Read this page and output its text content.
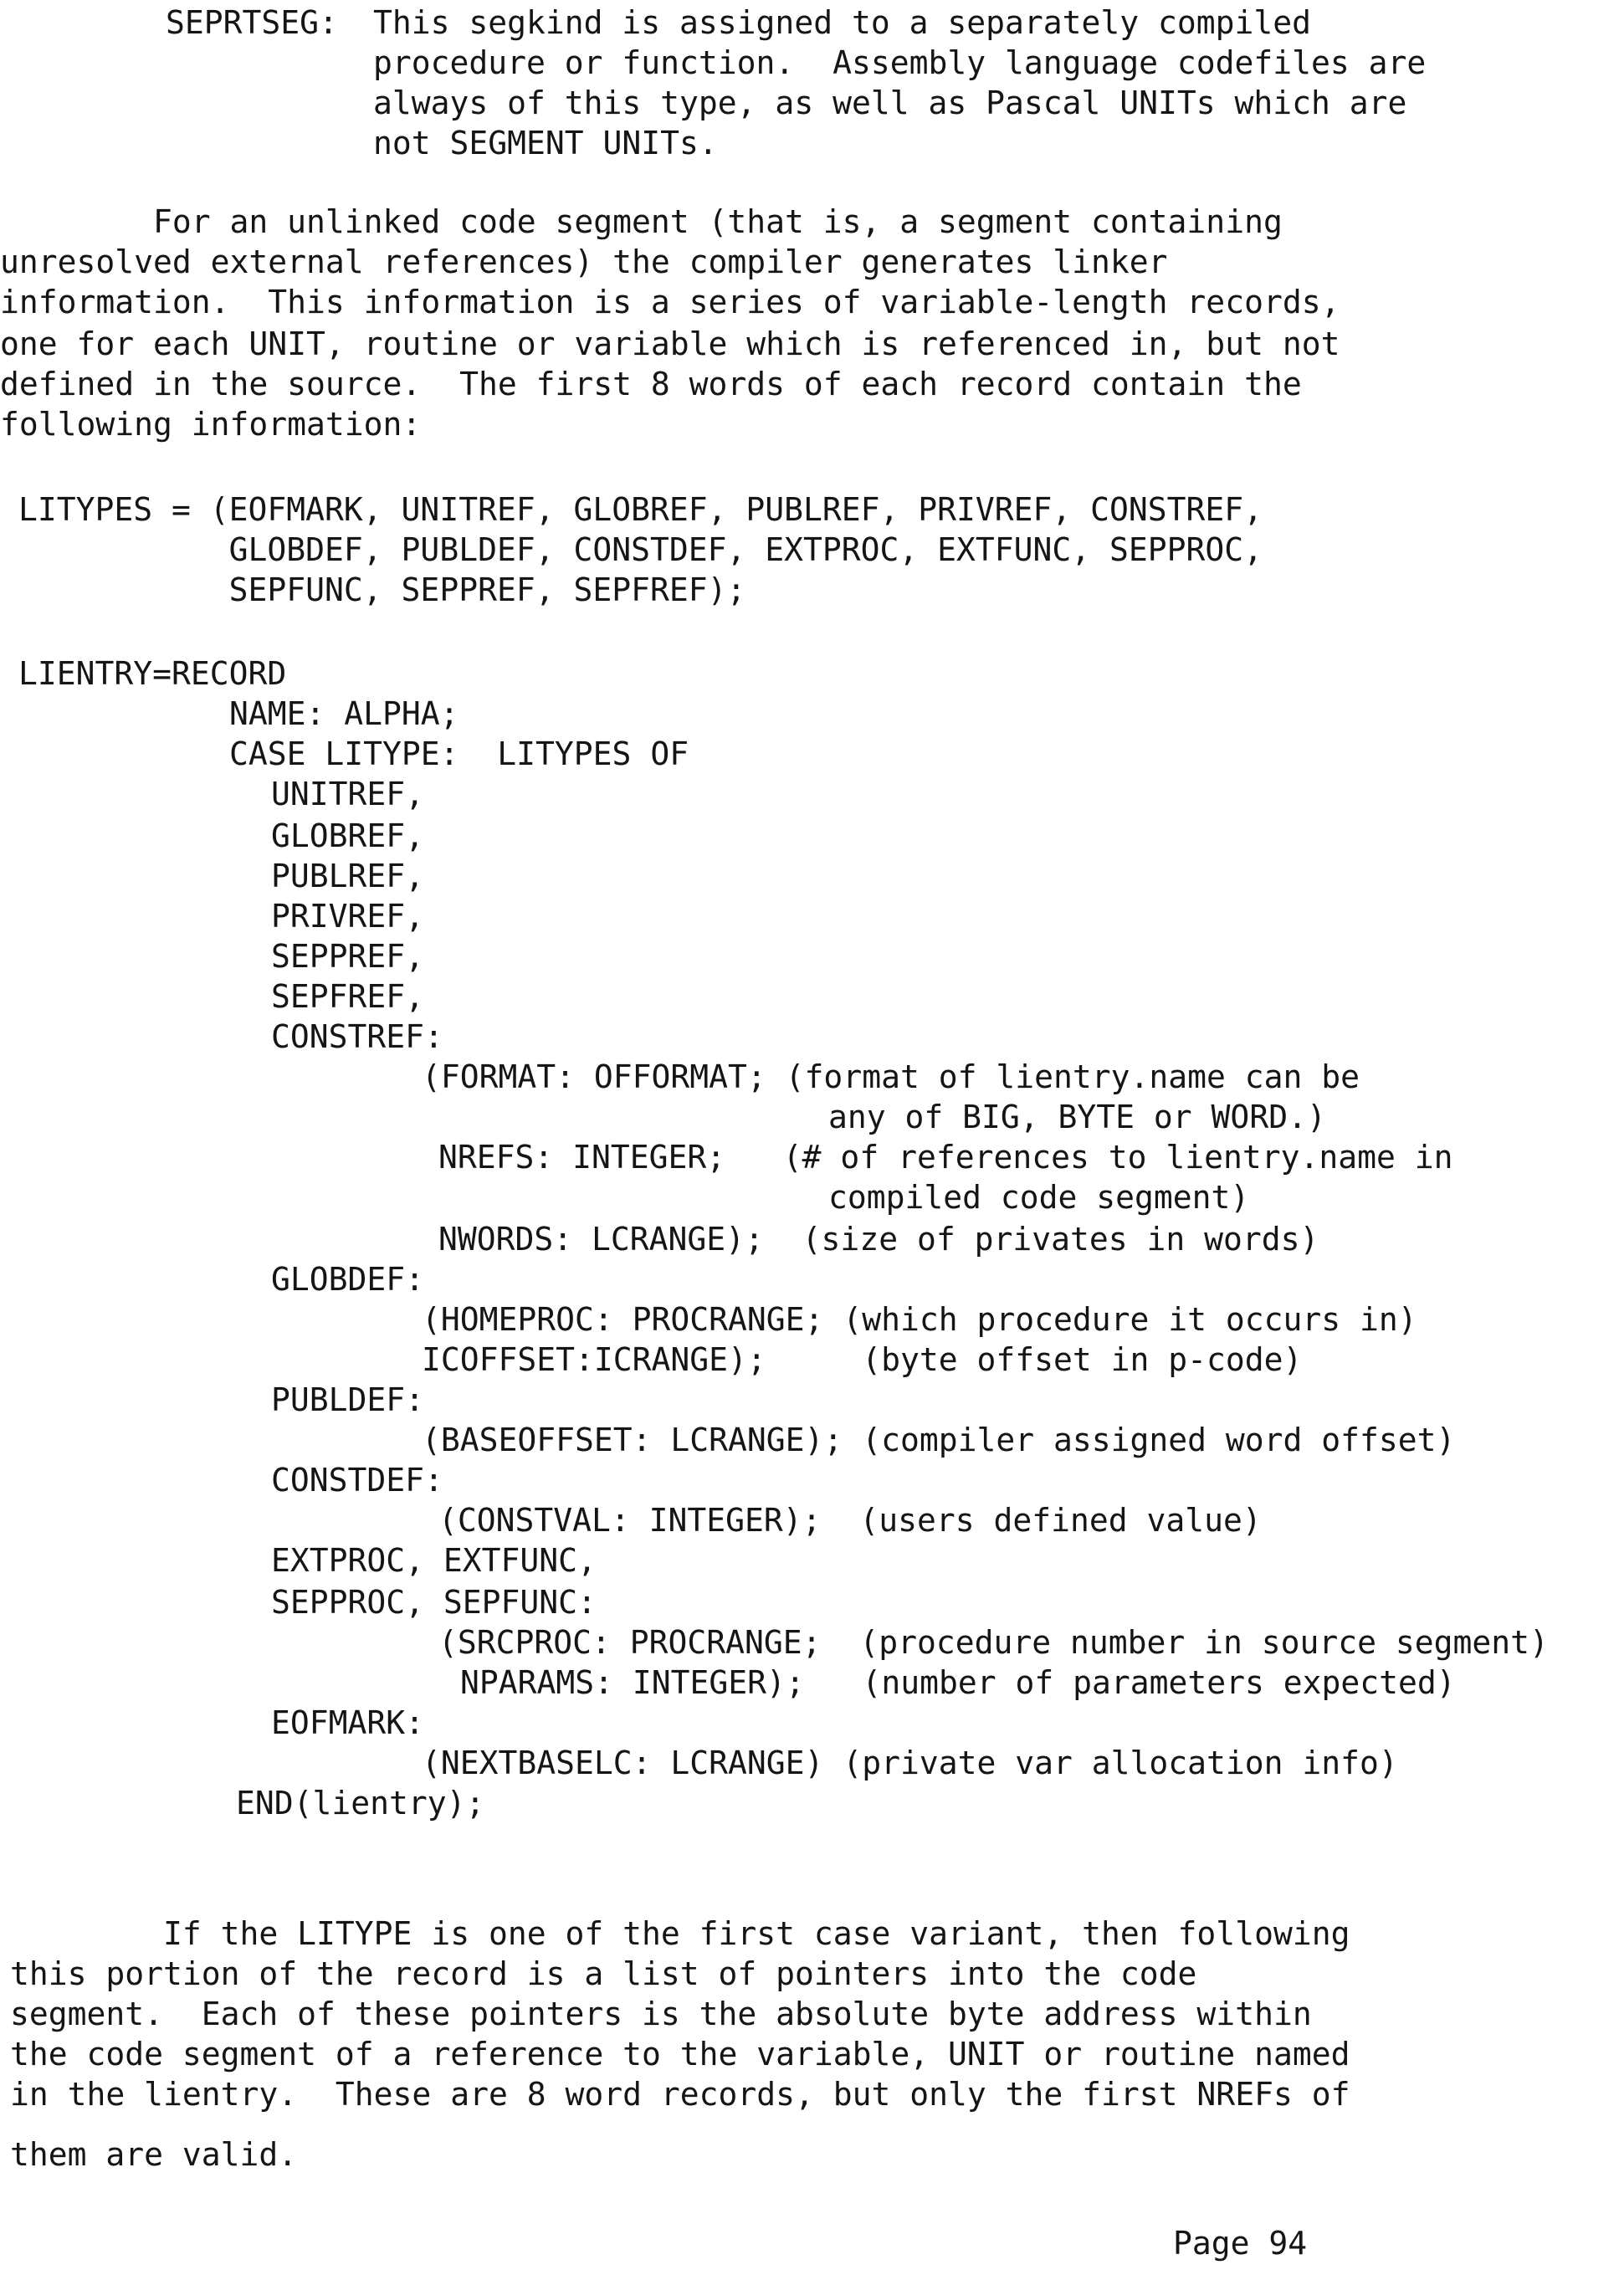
SEPRTSEG: This segkind is assigned to a separately compiled
procedure or function.  Assembly language codefiles are
always of this type, as well as Pascal UNITs which are
not SEGMENT UNITs.
For an unlinked code segment (that is, a segment containing
unresolved external references) the compiler generates linker
information.  This information is a series of variable-length records,
one for each UNIT, routine or variable which is referenced in, but not
defined in the source.  The first 8 words of each record contain the
following information:
LITYPES = (EOFMARK, UNITREF, GLOBREF, PUBLREF, PRIVREF, CONSTREF,
GLOBDEF, PUBLDEF, CONSTDEF, EXTPROC, EXTFUNC, SEPPROC,
SEPFUNC, SEPPREF, SEPFREF);
LIENTRY=RECORD
NAME: ALPHA;
CASE LITYPE:  LITYPES OF
UNITREF,
GLOBREF,
PUBLREF,
PRIVREF,
SEPPREF,
SEPFREF,
CONSTREF:
(FORMAT: OFFORMAT; (format of lientry.name can be
any of BIG, BYTE or WORD.)
NREFS: INTEGER;   (# of references to lientry.name in
compiled code segment)
NWORDS: LCRANGE);  (size of privates in words)
GLOBDEF:
(HOMEPROC: PROCRANGE; (which procedure it occurs in)
ICOFFSET:ICRANGE);     (byte offset in p-code)
PUBLDEF:
(BASEOFFSET: LCRANGE); (compiler assigned word offset)
CONSTDEF:
(CONSTVAL: INTEGER);  (users defined value)
EXTPROC, EXTFUNC,
SEPPROC, SEPFUNC:
(SRCPROC: PROCRANGE;  (procedure number in source segment)
NPARAMS: INTEGER);   (number of parameters expected)
EOFMARK:
(NEXTBASELC: LCRANGE) (private var allocation info)
END(lientry);
If the LITYPE is one of the first case variant, then following
this portion of the record is a list of pointers into the code
segment.  Each of these pointers is the absolute byte address within
the code segment of a reference to the variable, UNIT or routine named
in the lientry.  These are 8 word records, but only the first NREFs of
them are valid.
Page 94
